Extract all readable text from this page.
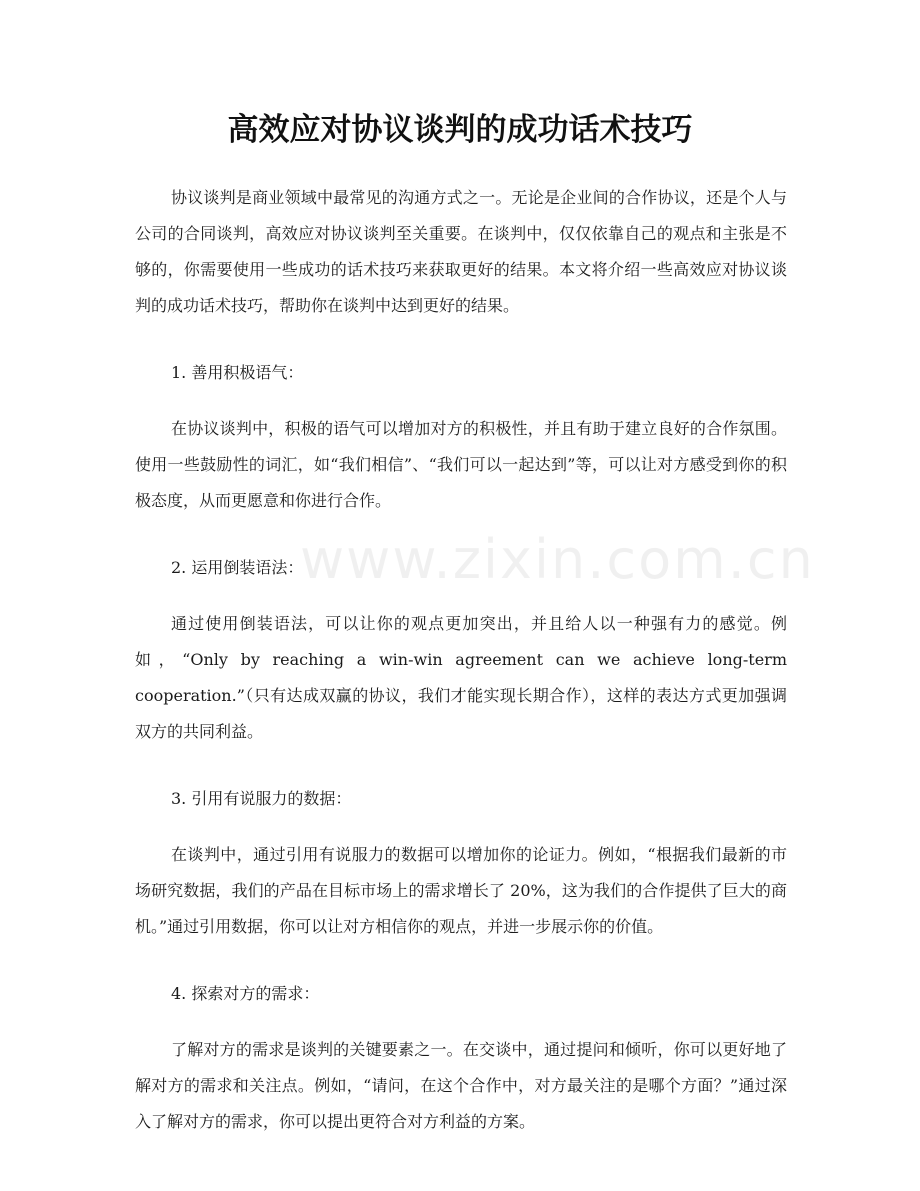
高效应对协议谈判的成功话术技巧
www.zixin.com.cn

协议谈判是商业领域中最常见的沟通方式之一。无论是企业间的合作协议，还是个人与公司的合同谈判，高效应对协议谈判至关重要。在谈判中，仅仅依靠自己的观点和主张是不够的，你需要使用一些成功的话术技巧来获取更好的结果。本文将介绍一些高效应对协议谈判的成功话术技巧，帮助你在谈判中达到更好的结果。

1. 善用积极语气：

在协议谈判中，积极的语气可以增加对方的积极性，并且有助于建立良好的合作氛围。使用一些鼓励性的词汇，如“我们相信”、“我们可以一起达到”等，可以让对方感受到你的积极态度，从而更愿意和你进行合作。

2. 运用倒装语法：

通过使用倒装语法，可以让你的观点更加突出，并且给人以一种强有力的感觉。例如，“Only by reaching a win-win agreement can we achieve long-term cooperation.”（只有达成双赢的协议，我们才能实现长期合作），这样的表达方式更加强调双方的共同利益。

3. 引用有说服力的数据：

在谈判中，通过引用有说服力的数据可以增加你的论证力。例如，“根据我们最新的市场研究数据，我们的产品在目标市场上的需求增长了 20%，这为我们的合作提供了巨大的商机。”通过引用数据，你可以让对方相信你的观点，并进一步展示你的价值。

4. 探索对方的需求：

了解对方的需求是谈判的关键要素之一。在交谈中，通过提问和倾听，你可以更好地了解对方的需求和关注点。例如，“请问，在这个合作中，对方最关注的是哪个方面？”通过深入了解对方的需求，你可以提出更符合对方利益的方案。
